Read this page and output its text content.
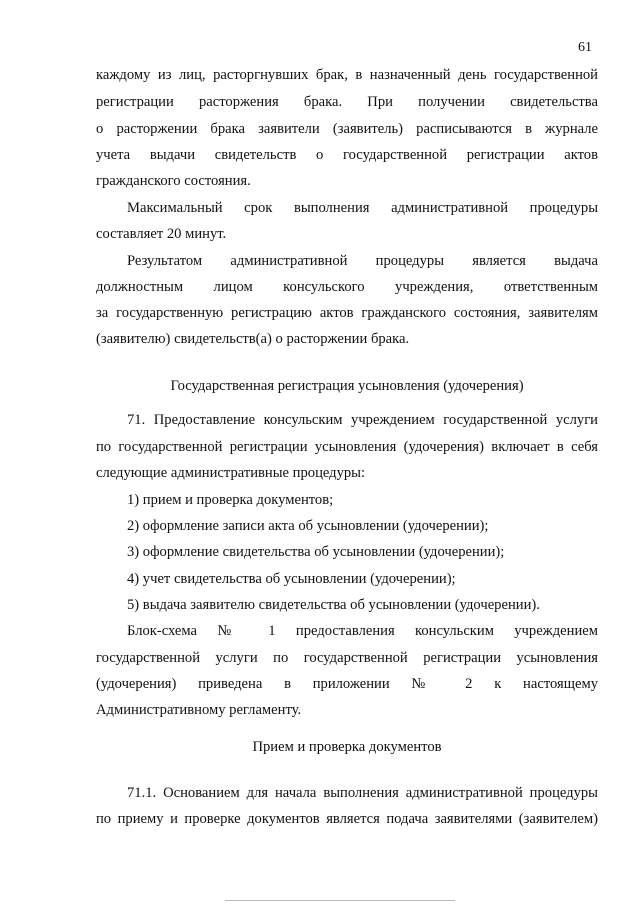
61
каждому из лиц, расторгнувших брак, в назначенный день государственной
регистрации расторжения брака. При получении свидетельства
о расторжении брака заявители (заявитель) расписываются в журнале
учета выдачи свидетельств о государственной регистрации актов
гражданского состояния.
Максимальный срок выполнения административной процедуры
составляет 20 минут.
Результатом административной процедуры является выдача
должностным лицом консульского учреждения, ответственным
за государственную регистрацию актов гражданского состояния, заявителям
(заявителю) свидетельств(а) о расторжении брака.
Государственная регистрация усыновления (удочерения)
71. Предоставление консульским учреждением государственной услуги
по государственной регистрации усыновления (удочерения) включает в себя
следующие административные процедуры:
1) прием и проверка документов;
2) оформление записи акта об усыновлении (удочерении);
3) оформление свидетельства об усыновлении (удочерении);
4) учет свидетельства об усыновлении (удочерении);
5) выдача заявителю свидетельства об усыновлении (удочерении).
Блок-схема № 1 предоставления консульским учреждением
государственной услуги по государственной регистрации усыновления
(удочерения) приведена в приложении № 2 к настоящему
Административному регламенту.
Прием и проверка документов
71.1. Основанием для начала выполнения административной процедуры
по приему и проверке документов является подача заявителями (заявителем)
